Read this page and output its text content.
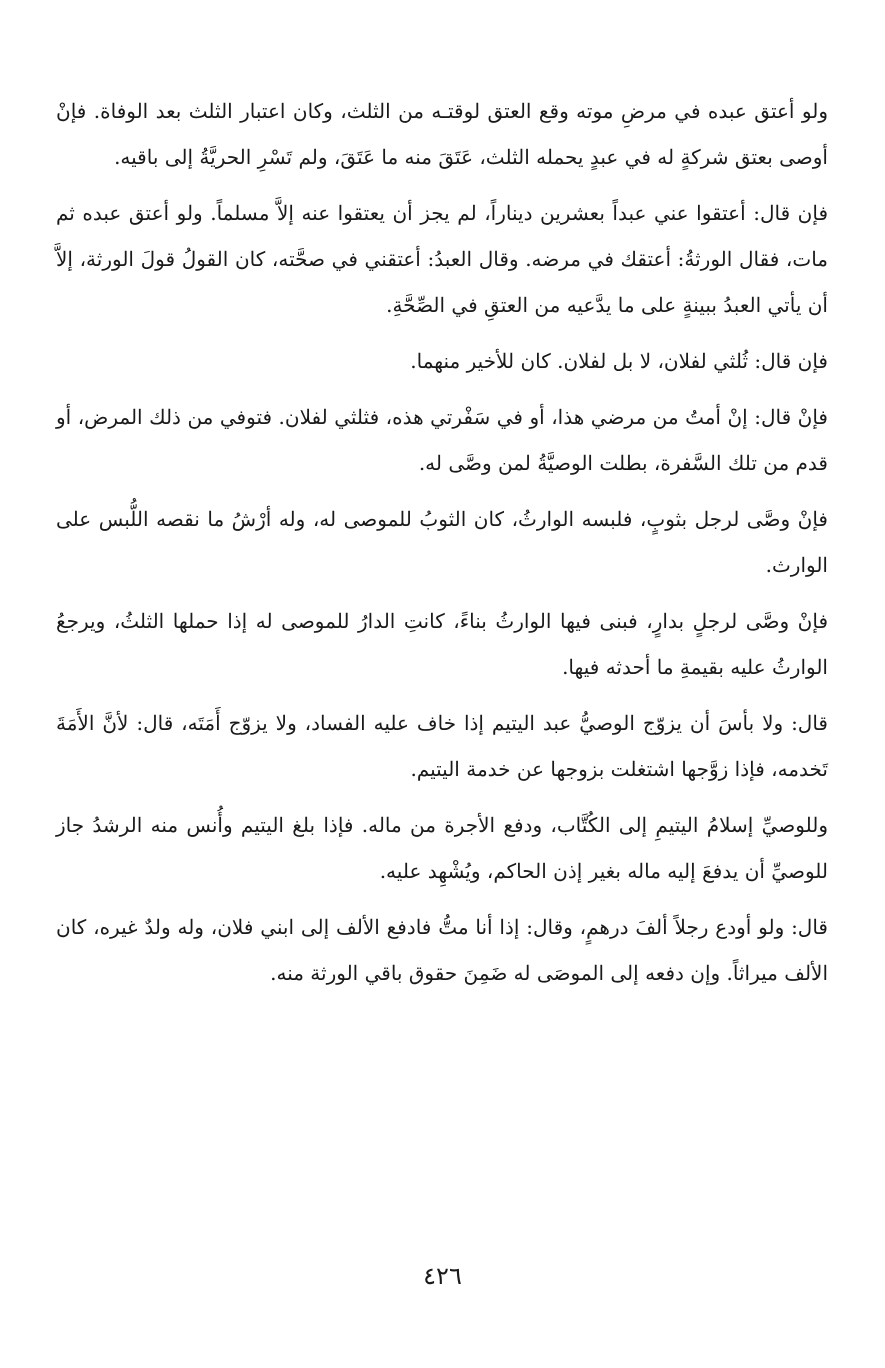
ولو أعتق عبده في مرضِ موته وقع العتق لوقتـه من الثلث، وكان اعتبار الثلث بعد الوفاة. فإنْ أوصى بعتق شركةٍ له في عبدٍ يحمله الثلث، عَتَقَ منه ما عَتَقَ، ولم تَسْرِ الحريَّةُ إلى باقيه.

فإن قال: أعتقوا عني عبداً بعشرين ديناراً، لم يجز أن يعتقوا عنه إلاَّ مسلماً. ولو أعتق عبده ثم مات، فقال الورثةُ: أعتقك في مرضه. وقال العبدُ: أعتقني في صحَّته، كان القولُ قولَ الورثة، إلاَّ أن يأتي العبدُ ببينةٍ على ما يدَّعيه من العتقِ في الصِّحَّةِ.

فإن قال: ثُلثي لفلان، لا بل لفلان. كان للأخير منهما.

فإنْ قال: إنْ أمتُ من مرضي هذا، أو في سَفْرتي هذه، فثلثي لفلان. فتوفي من ذلك المرض، أو قدم من تلك السَّفرة، بطلت الوصيَّةُ لمن وصَّى له.

فإنْ وصَّى لرجل بثوبٍ، فلبسه الوارثُ، كان الثوبُ للموصى له، وله أرْشُ ما نقصه اللُّبس على الوارث.

فإنْ وصَّى لرجلٍ بدارٍ، فبنى فيها الوارثُ بناءً، كانتِ الدارُ للموصى له إذا حملها الثلثُ، ويرجعُ الوارثُ عليه بقيمةِ ما أحدثه فيها.

قال: ولا بأسَ أن يزوّج الوصيُّ عبد اليتيم إذا خاف عليه الفساد، ولا يزوّج أَمَتَه، قال: لأنَّ الأَمَةَ تَخدمه، فإذا زوَّجها اشتغلت بزوجها عن خدمة اليتيم.

وللوصيِّ إسلامُ اليتيمِ إلى الكُتَّاب، ودفع الأجرة من ماله. فإذا بلغ اليتيم وأُنس منه الرشدُ جاز للوصيِّ أن يدفعَ إليه ماله بغير إذن الحاكم، ويُشْهِد عليه.

قال: ولو أودع رجلاً ألفَ درهمٍ، وقال: إذا أنا متُّ فادفع الألف إلى ابني فلان، وله ولدٌ غيره، كان الألف ميراثاً. وإن دفعه إلى الموصَى له ضَمِنَ حقوق باقي الورثة منه.

٤٢٦
